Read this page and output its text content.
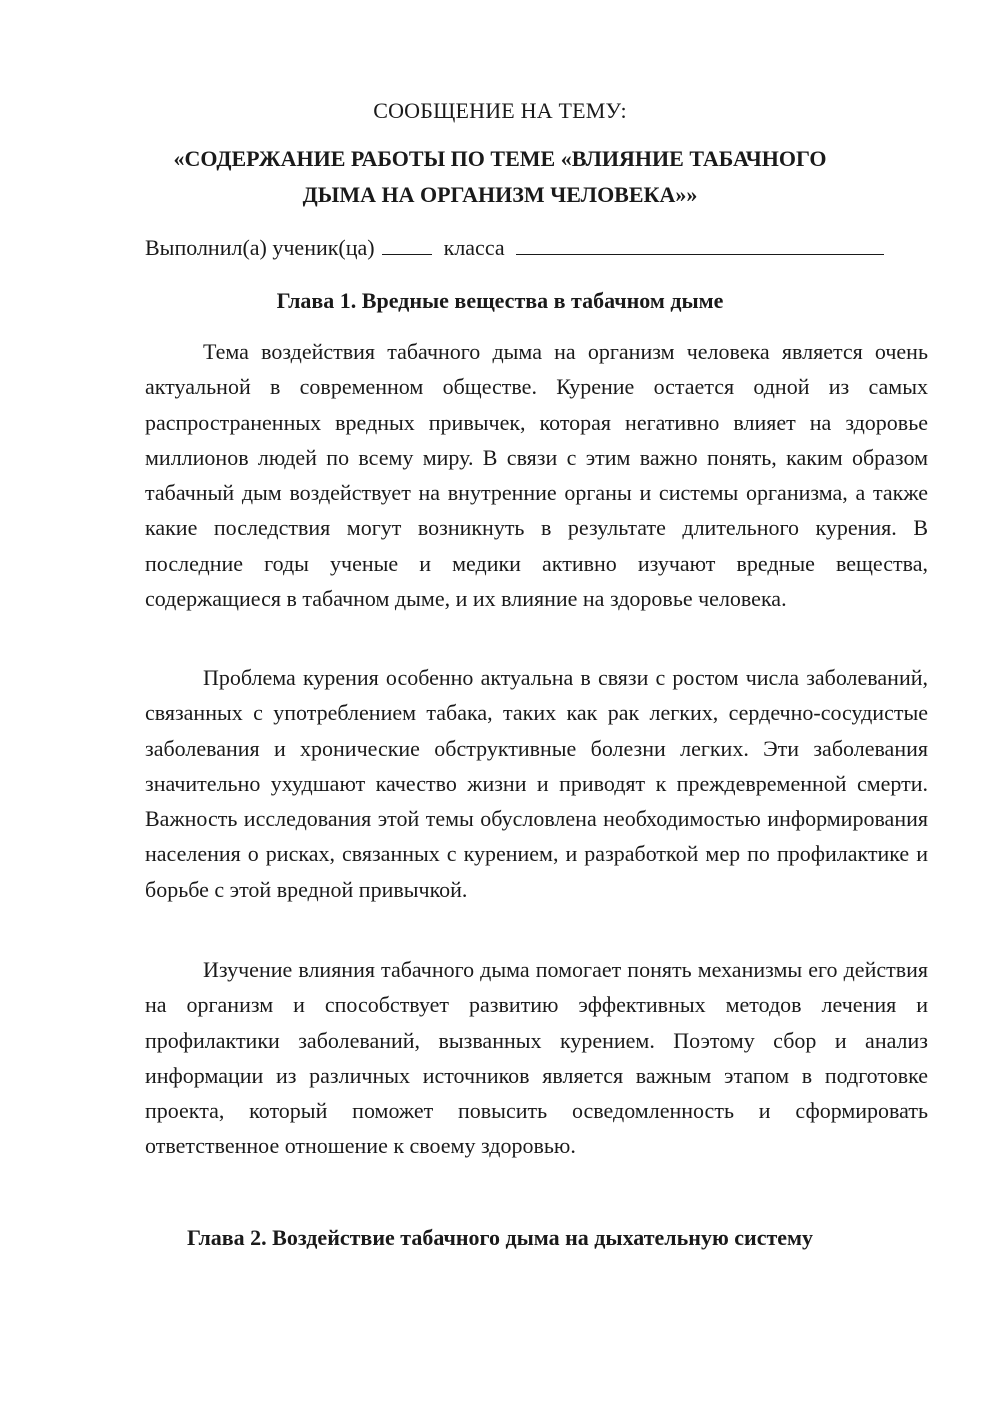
СООБЩЕНИЕ НА ТЕМУ:
«СОДЕРЖАНИЕ РАБОТЫ ПО ТЕМЕ «ВЛИЯНИЕ ТАБАЧНОГО
ДЫМА НА ОРГАНИЗМ ЧЕЛОВЕКА»»
Выполнил(а) ученик(ца)	класса
Глава 1. Вредные вещества в табачном дыме

Тема воздействия табачного дыма на организм человека является очень актуальной в современном обществе. Курение остается одной из самых распространенных вредных привычек, которая негативно влияет на здоровье миллионов людей по всему миру. В связи с этим важно понять, каким образом табачный дым воздействует на внутренние органы и системы организма, а также какие последствия могут возникнуть в результате длительного курения. В последние годы ученые и медики активно изучают вредные вещества, содержащиеся в табачном дыме, и их влияние на здоровье человека.

Проблема курения особенно актуальна в связи с ростом числа заболеваний, связанных с употреблением табака, таких как рак легких, сердечно-сосудистые заболевания и хронические обструктивные болезни легких. Эти заболевания значительно ухудшают качество жизни и приводят к преждевременной смерти. Важность исследования этой темы обусловлена необходимостью информирования населения о рисках, связанных с курением, и разработкой мер по профилактике и борьбе с этой вредной привычкой.

Изучение влияния табачного дыма помогает понять механизмы его действия на организм и способствует развитию эффективных методов лечения и профилактики заболеваний, вызванных курением. Поэтому сбор и анализ информации из различных источников является важным этапом в подготовке проекта, который поможет повысить осведомленность и сформировать ответственное отношение к своему здоровью.

Глава 2. Воздействие табачного дыма на дыхательную систему
